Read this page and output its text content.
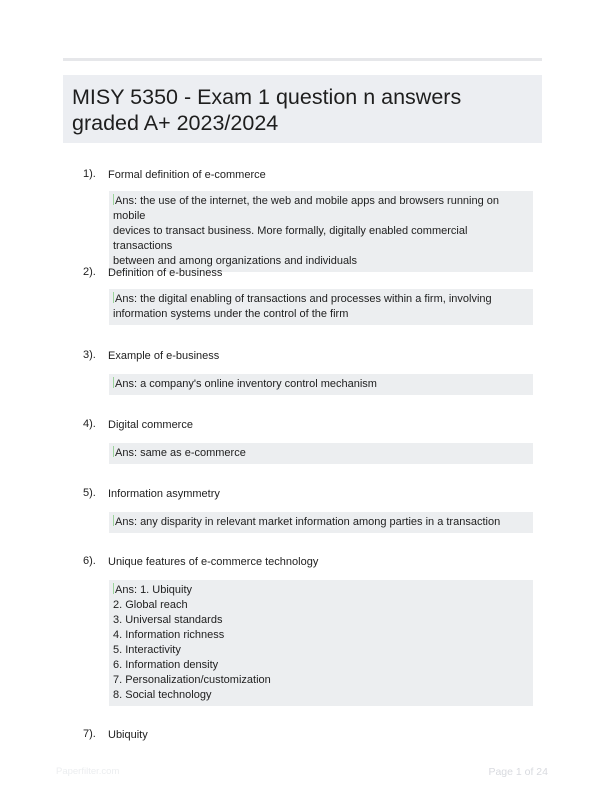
MISY 5350 - Exam 1 question n answers graded A+ 2023/2024
1). Formal definition of e-commerce
Ans: the use of the internet, the web and mobile apps and browsers running on mobile
devices to transact business. More formally, digitally enabled commercial transactions
between and among organizations and individuals
2). Definition of e-business
Ans: the digital enabling of transactions and processes within a firm, involving
information systems under the control of the firm
3). Example of e-business
Ans: a company's online inventory control mechanism
4). Digital commerce
Ans: same as e-commerce
5). Information asymmetry
Ans: any disparity in relevant market information among parties in a transaction
6). Unique features of e-commerce technology
Ans: 1. Ubiquity
2. Global reach
3. Universal standards
4. Information richness
5. Interactivity
6. Information density
7. Personalization/customization
8. Social technology
7). Ubiquity
Paperfilter.com	Page 1 of 24
